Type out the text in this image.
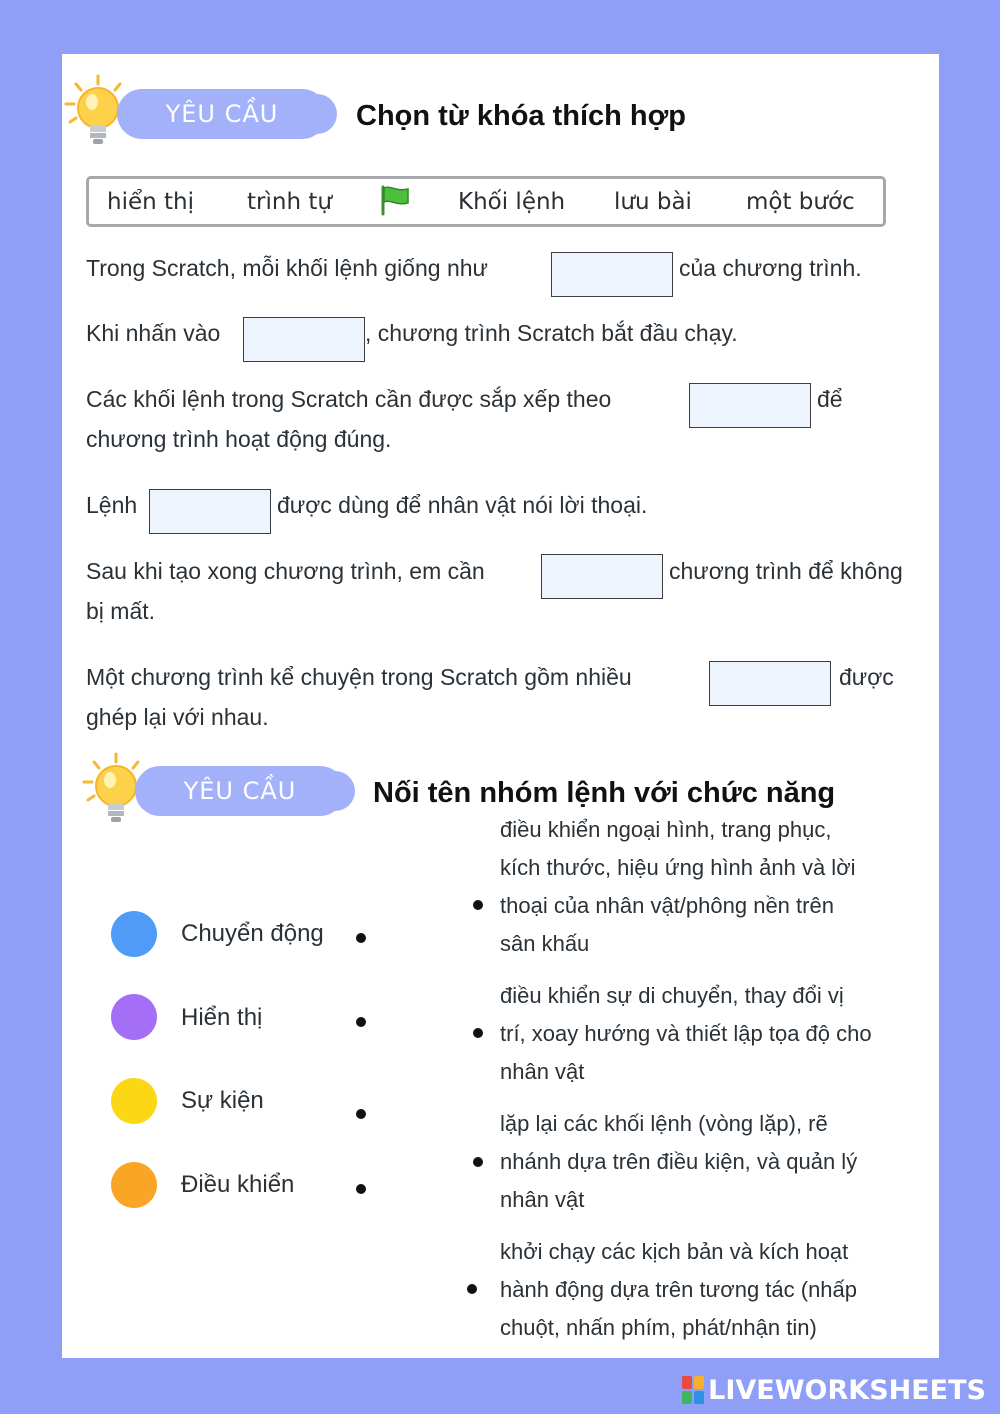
YÊU CẦU	Chọn từ khóa thích hợp
hiển thị trình tự	Khối lệnh lưu bài một bước
Trong Scratch, mỗi khối lệnh giống như	của chương trình.
Khi nhấn vào	, chương trình Scratch bắt đầu chạy.
Các khối lệnh trong Scratch cần được sắp xếp theo	để
chương trình hoạt động đúng.
Lệnh	được dùng để nhân vật nói lời thoại.
Sau khi tạo xong chương trình, em cần	chương trình để không
bị mất.
Một chương trình kể chuyện trong Scratch gồm nhiều	được
ghép lại với nhau.
YÊU CẦU	Nối tên nhóm lệnh với chức năng
Chuyển động
Hiển thị
Sự kiện
Điều khiển
điều khiển ngoại hình, trang phục,
kích thước, hiệu ứng hình ảnh và lời
thoại của nhân vật/phông nền trên
sân khấu
điều khiển sự di chuyển, thay đổi vị
trí, xoay hướng và thiết lập tọa độ cho
nhân vật
lặp lại các khối lệnh (vòng lặp), rẽ
nhánh dựa trên điều kiện, và quản lý
nhân vật
khởi chạy các kịch bản và kích hoạt
hành động dựa trên tương tác (nhấp
chuột, nhấn phím, phát/nhận tin)
LIVEWORKSHEETS
